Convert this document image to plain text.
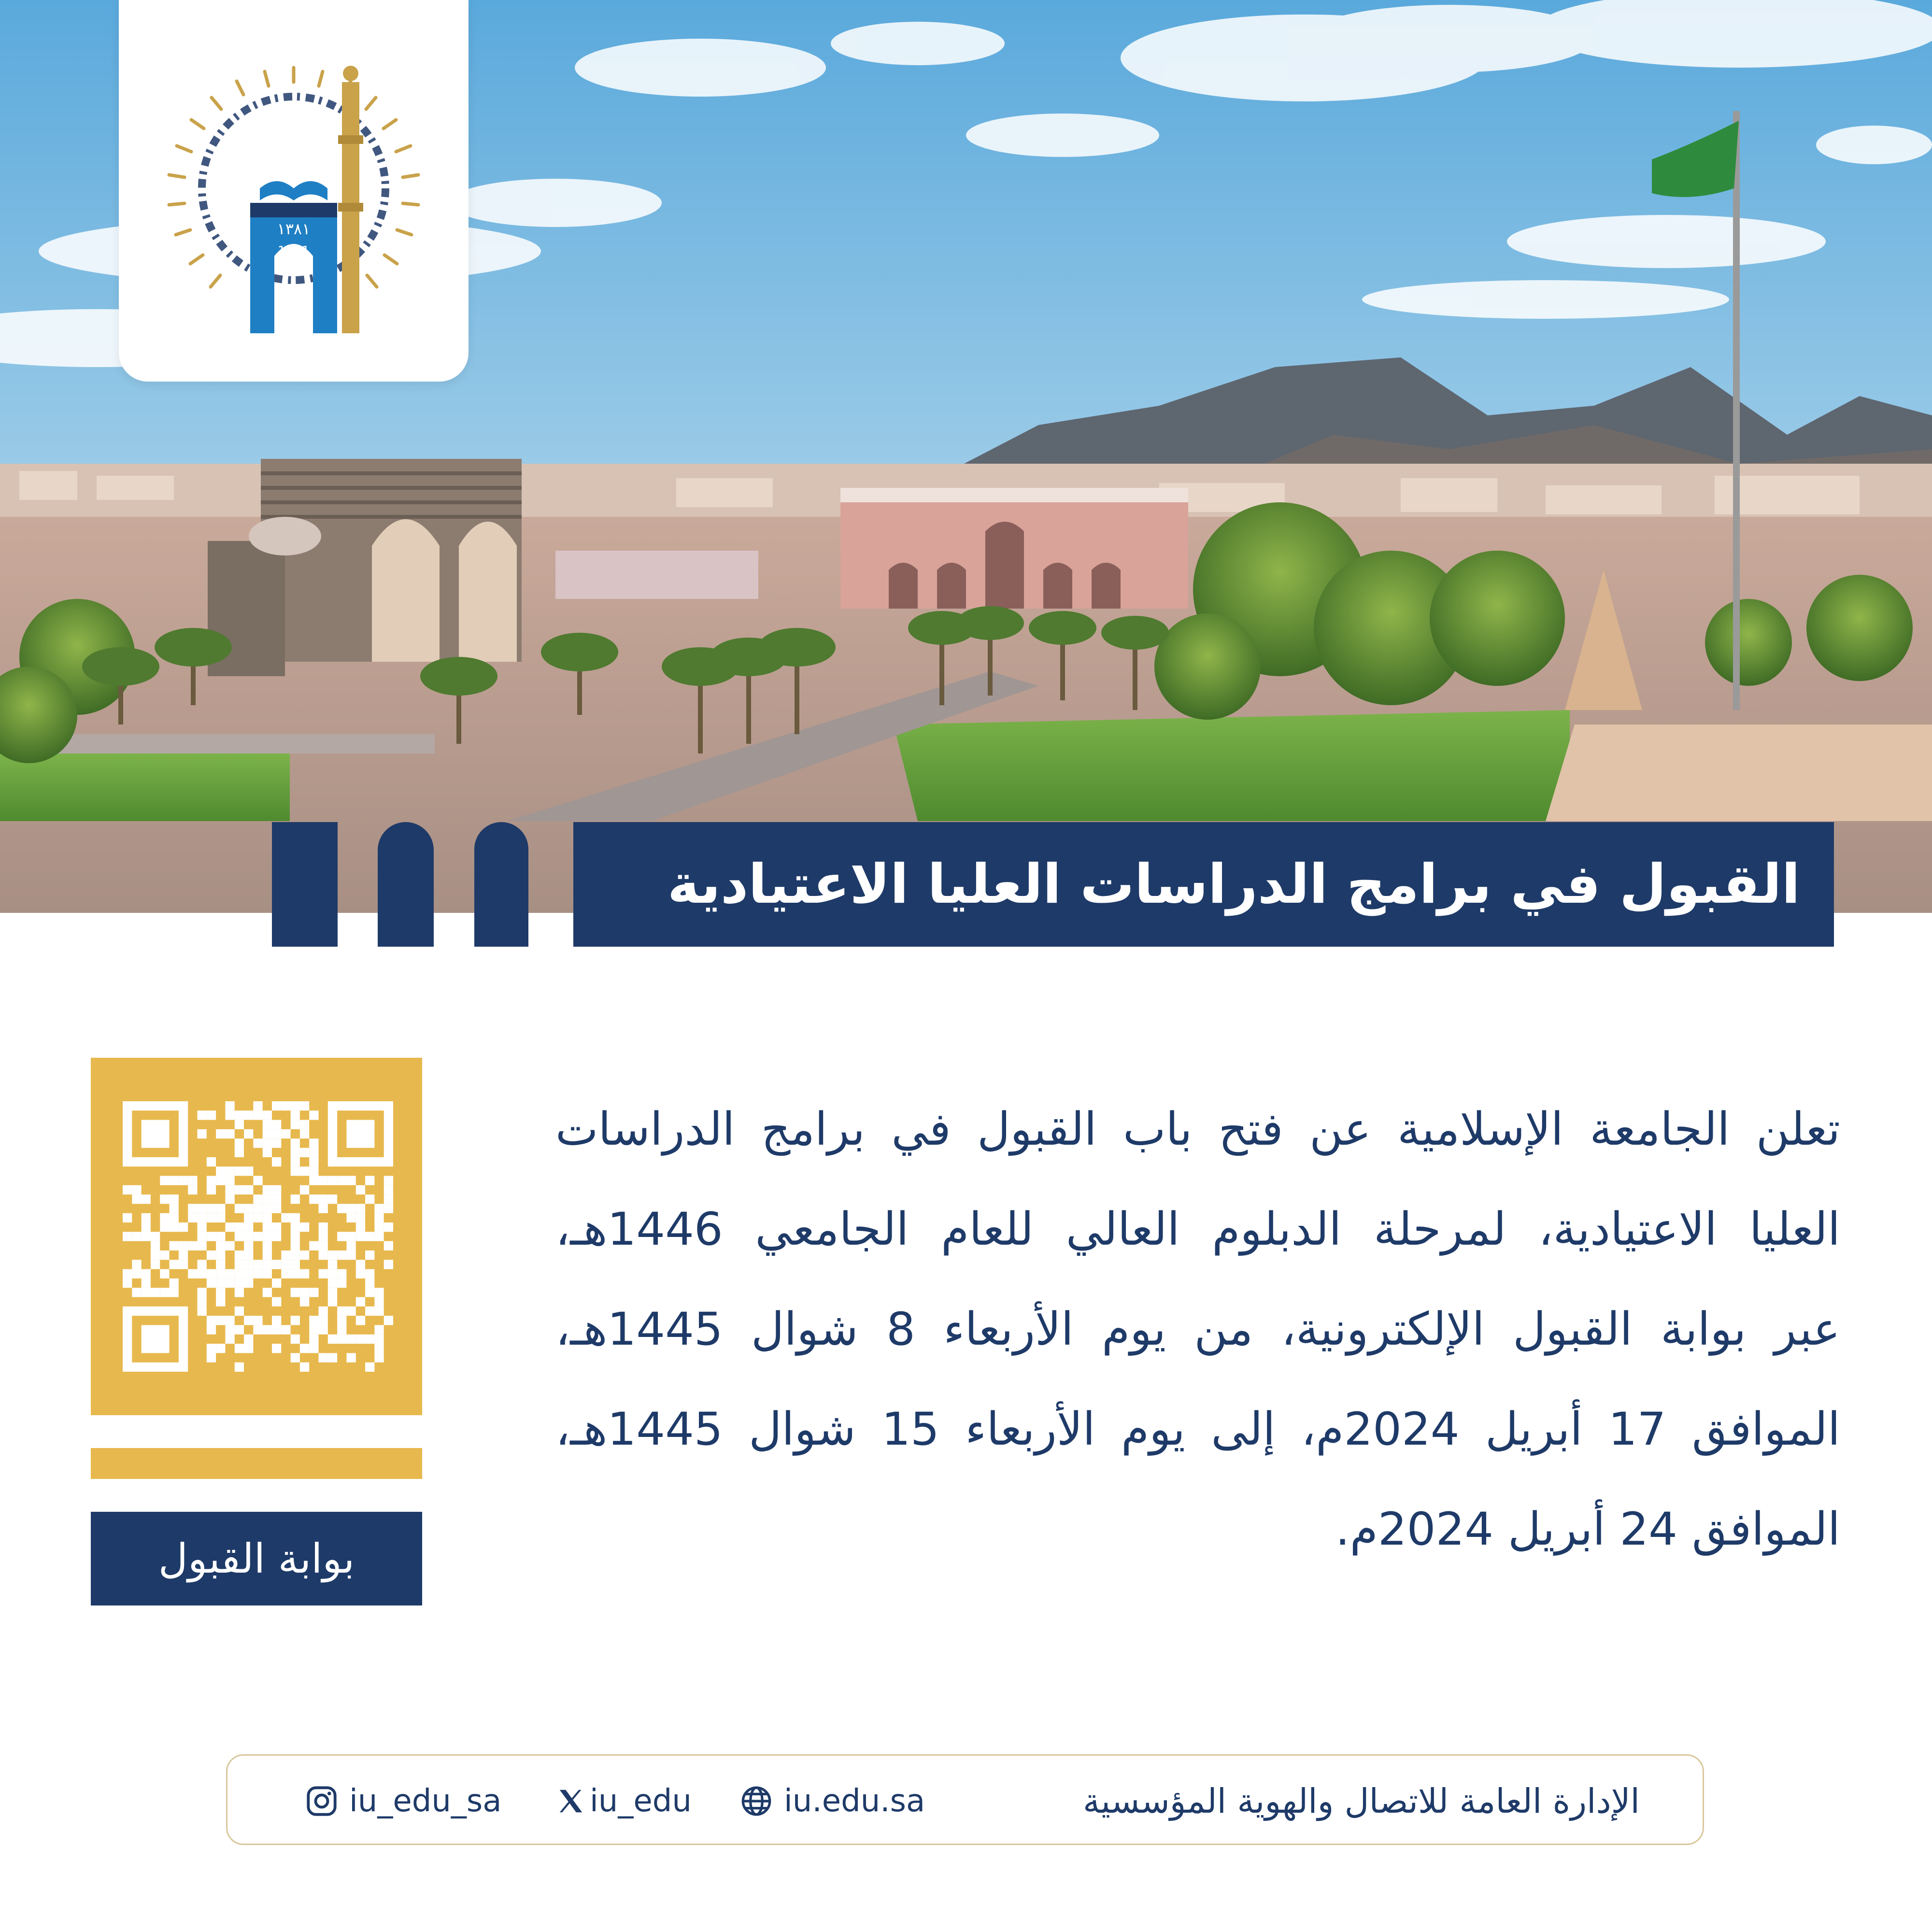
١٣٨١
1961
القبول في برامج الدراسات العليا الاعتيادية
تعلن الجامعة الإسلامية عن فتح باب القبول في برامج الدراسات
العليا الاعتيادية، لمرحلة الدبلوم العالي للعام الجامعي 1446هـ،
عبر بوابة القبول الإلكترونية، من يوم الأربعاء 8 شوال 1445هـ،
الموافق 17 أبريل 2024م، إلى يوم الأربعاء 15 شوال 1445هـ،
الموافق 24 أبريل 2024م.
بوابة القبول
iu_edu_sa	iu_edu	iu.edu.sa	الإدارة العامة للاتصال والهوية المؤسسية
